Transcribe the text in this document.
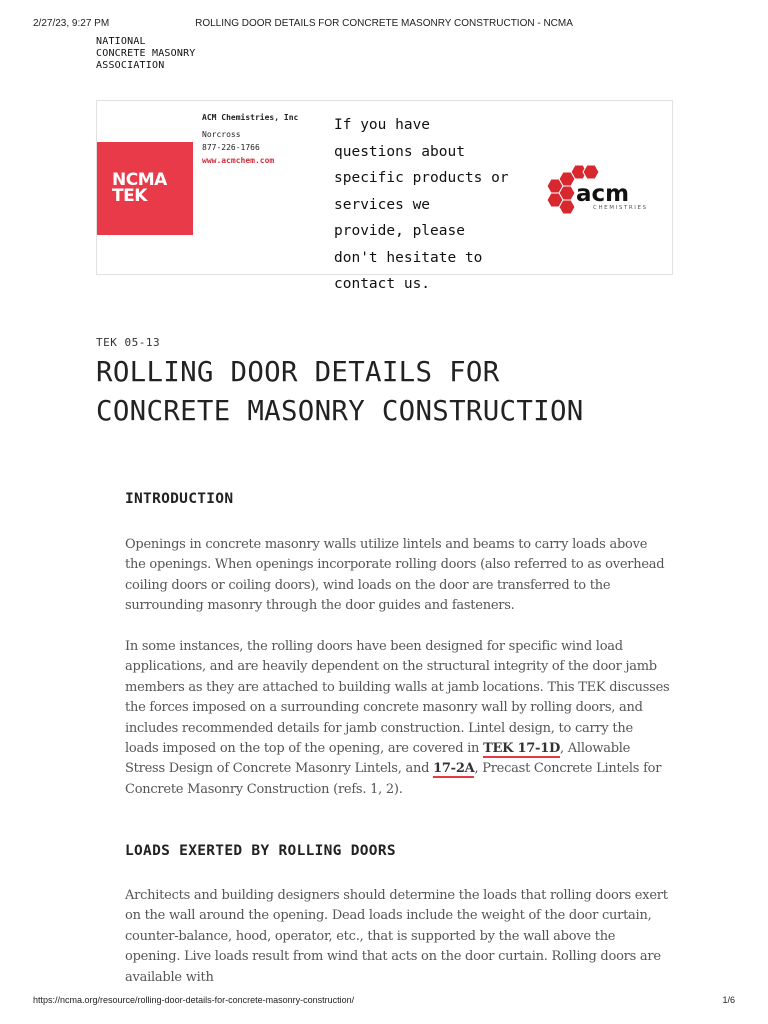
2/27/23, 9:27 PM	ROLLING DOOR DETAILS FOR CONCRETE MASONRY CONSTRUCTION - NCMA
NATIONAL
CONCRETE MASONRY
ASSOCIATION
NCMA
TEK
ACM Chemistries, Inc
Norcross
877-226-1766
www.acmchem.com
If you have
questions about
specific products or
services we
provide, please
don't hesitate to
contact us.
acm
CHEMISTRIES
TEK 05-13
ROLLING DOOR DETAILS FOR
CONCRETE MASONRY CONSTRUCTION
INTRODUCTION

Openings in concrete masonry walls utilize lintels and beams to carry loads above the openings. When openings incorporate rolling doors (also referred to as overhead coiling doors or coiling doors), wind loads on the door are transferred to the surrounding masonry through the door guides and fasteners.

In some instances, the rolling doors have been designed for specific wind load applications, and are heavily dependent on the structural integrity of the door jamb members as they are attached to building walls at jamb locations. This TEK discusses the forces imposed on a surrounding concrete masonry wall by rolling doors, and includes recommended details for jamb construction. Lintel design, to carry the loads imposed on the top of the opening, are covered in TEK 17-1D, Allowable Stress Design of Concrete Masonry Lintels, and 17-2A, Precast Concrete Lintels for Concrete Masonry Construction (refs. 1, 2).

LOADS EXERTED BY ROLLING DOORS

Architects and building designers should determine the loads that rolling doors exert on the wall around the opening. Dead loads include the weight of the door curtain, counter-balance, hood, operator, etc., that is supported by the wall above the opening. Live loads result from wind that acts on the door curtain. Rolling doors are available with

https://ncma.org/resource/rolling-door-details-for-concrete-masonry-construction/	1/6
